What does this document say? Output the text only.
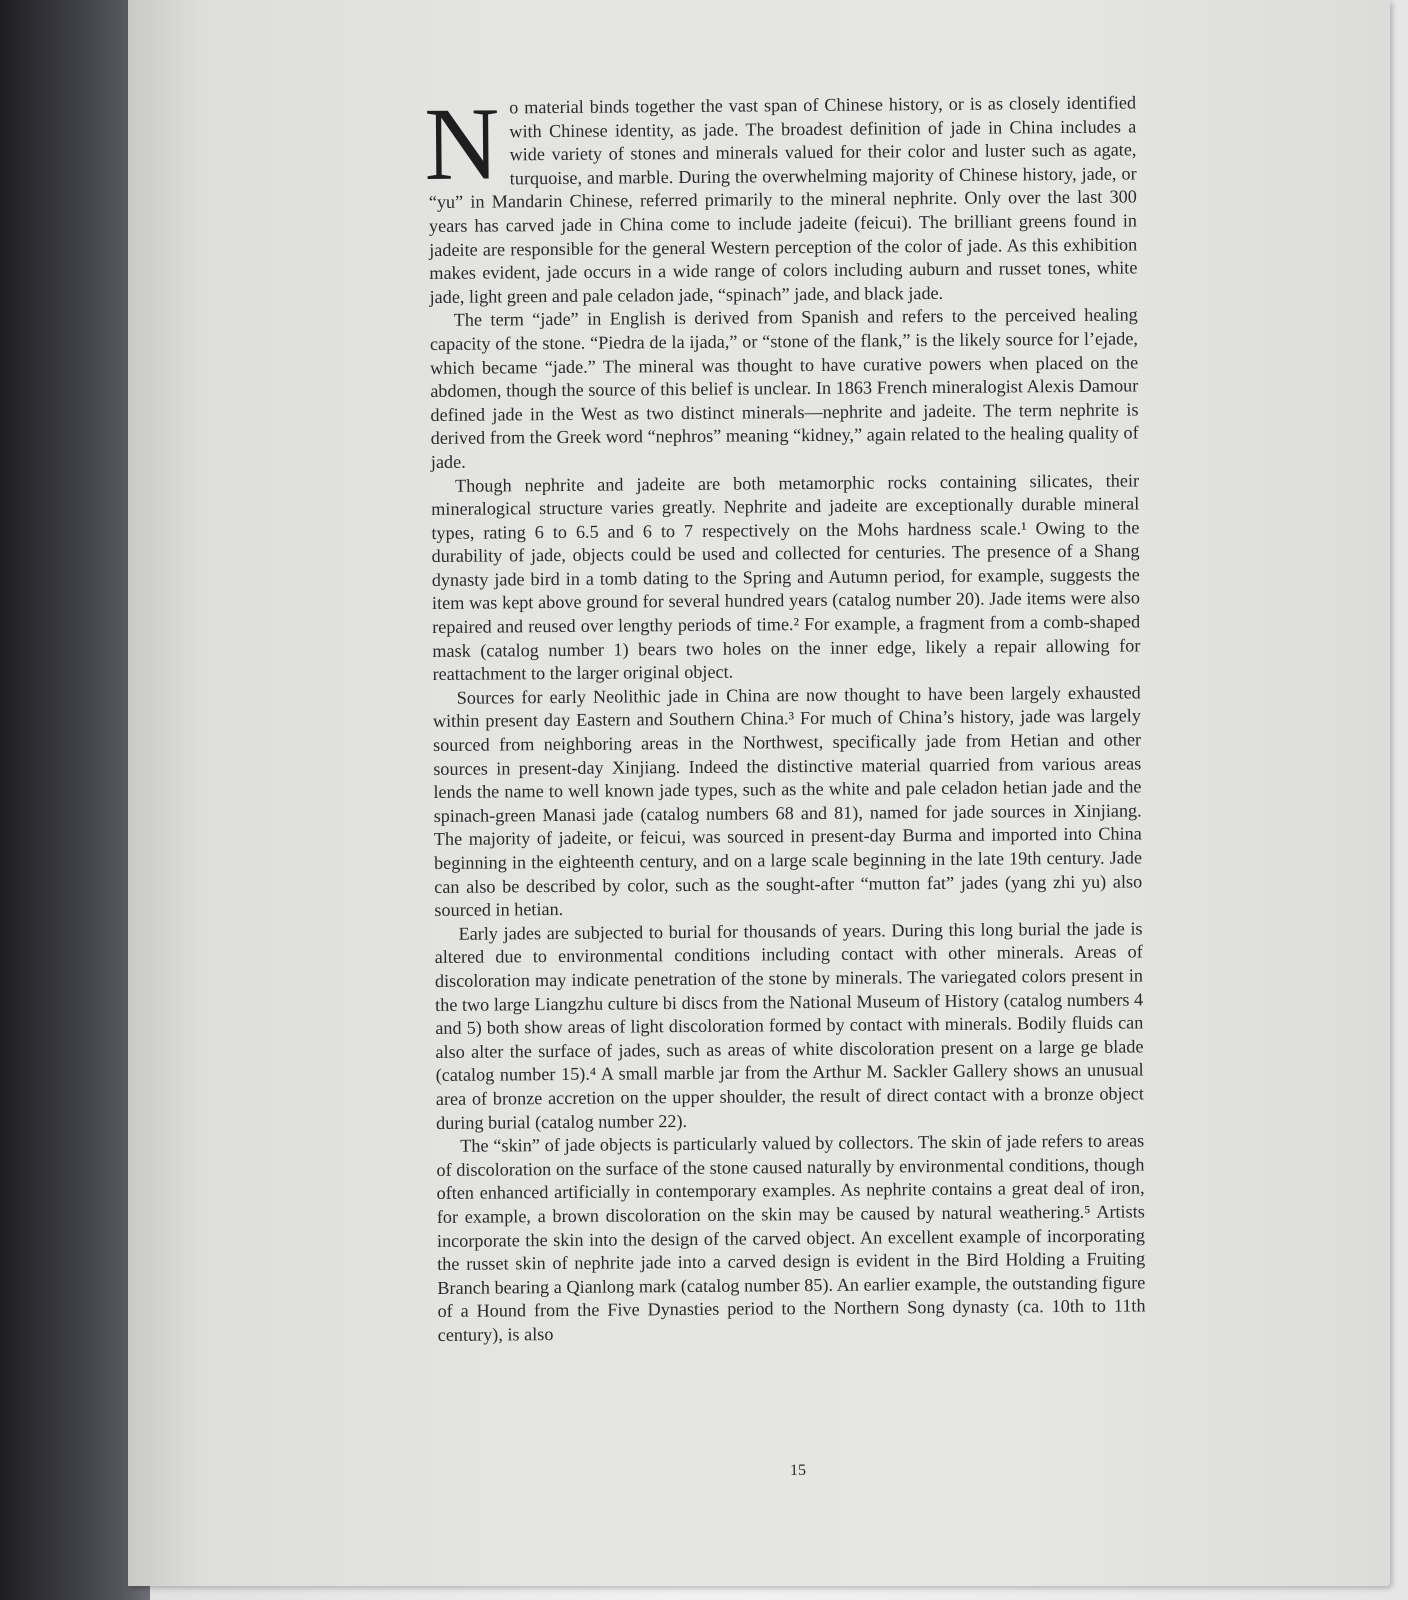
No material binds together the vast span of Chinese history, or is as closely identified with Chinese identity, as jade. The broadest definition of jade in China includes a wide variety of stones and minerals valued for their color and luster such as agate, turquoise, and marble. During the overwhelming majority of Chinese history, jade, or “yu” in Mandarin Chinese, referred primarily to the mineral nephrite. Only over the last 300 years has carved jade in China come to include jadeite (feicui). The brilliant greens found in jadeite are responsible for the general Western perception of the color of jade. As this exhibition makes evident, jade occurs in a wide range of colors including auburn and russet tones, white jade, light green and pale celadon jade, “spinach” jade, and black jade.

The term “jade” in English is derived from Spanish and refers to the perceived healing capacity of the stone. “Piedra de la ijada,” or “stone of the flank,” is the likely source for l’ejade, which became “jade.” The mineral was thought to have curative powers when placed on the abdomen, though the source of this belief is unclear. In 1863 French mineralogist Alexis Damour defined jade in the West as two distinct minerals—nephrite and jadeite. The term nephrite is derived from the Greek word “nephros” meaning “kidney,” again related to the healing quality of jade.

Though nephrite and jadeite are both metamorphic rocks containing silicates, their mineralogical structure varies greatly. Nephrite and jadeite are exceptionally durable mineral types, rating 6 to 6.5 and 6 to 7 respectively on the Mohs hardness scale.¹ Owing to the durability of jade, objects could be used and collected for centuries. The presence of a Shang dynasty jade bird in a tomb dating to the Spring and Autumn period, for example, suggests the item was kept above ground for several hundred years (catalog number 20). Jade items were also repaired and reused over lengthy periods of time.² For example, a fragment from a comb-shaped mask (catalog number 1) bears two holes on the inner edge, likely a repair allowing for reattachment to the larger original object.

Sources for early Neolithic jade in China are now thought to have been largely exhausted within present day Eastern and Southern China.³ For much of China’s history, jade was largely sourced from neighboring areas in the Northwest, specifically jade from Hetian and other sources in present-day Xinjiang. Indeed the distinctive material quarried from various areas lends the name to well known jade types, such as the white and pale celadon hetian jade and the spinach-green Manasi jade (catalog numbers 68 and 81), named for jade sources in Xinjiang. The majority of jadeite, or feicui, was sourced in present-day Burma and imported into China beginning in the eighteenth century, and on a large scale beginning in the late 19th century. Jade can also be described by color, such as the sought-after “mutton fat” jades (yang zhi yu) also sourced in hetian.

Early jades are subjected to burial for thousands of years. During this long burial the jade is altered due to environmental conditions including contact with other minerals. Areas of discoloration may indicate penetration of the stone by minerals. The variegated colors present in the two large Liangzhu culture bi discs from the National Museum of History (catalog numbers 4 and 5) both show areas of light discoloration formed by contact with minerals. Bodily fluids can also alter the surface of jades, such as areas of white discoloration present on a large ge blade (catalog number 15).⁴ A small marble jar from the Arthur M. Sackler Gallery shows an unusual area of bronze accretion on the upper shoulder, the result of direct contact with a bronze object during burial (catalog number 22).

The “skin” of jade objects is particularly valued by collectors. The skin of jade refers to areas of discoloration on the surface of the stone caused naturally by environmental conditions, though often enhanced artificially in contemporary examples. As nephrite contains a great deal of iron, for example, a brown discoloration on the skin may be caused by natural weathering.⁵ Artists incorporate the skin into the design of the carved object. An excellent example of incorporating the russet skin of nephrite jade into a carved design is evident in the Bird Holding a Fruiting Branch bearing a Qianlong mark (catalog number 85). An earlier example, the outstanding figure of a Hound from the Five Dynasties period to the Northern Song dynasty (ca. 10th to 11th century), is also

15
